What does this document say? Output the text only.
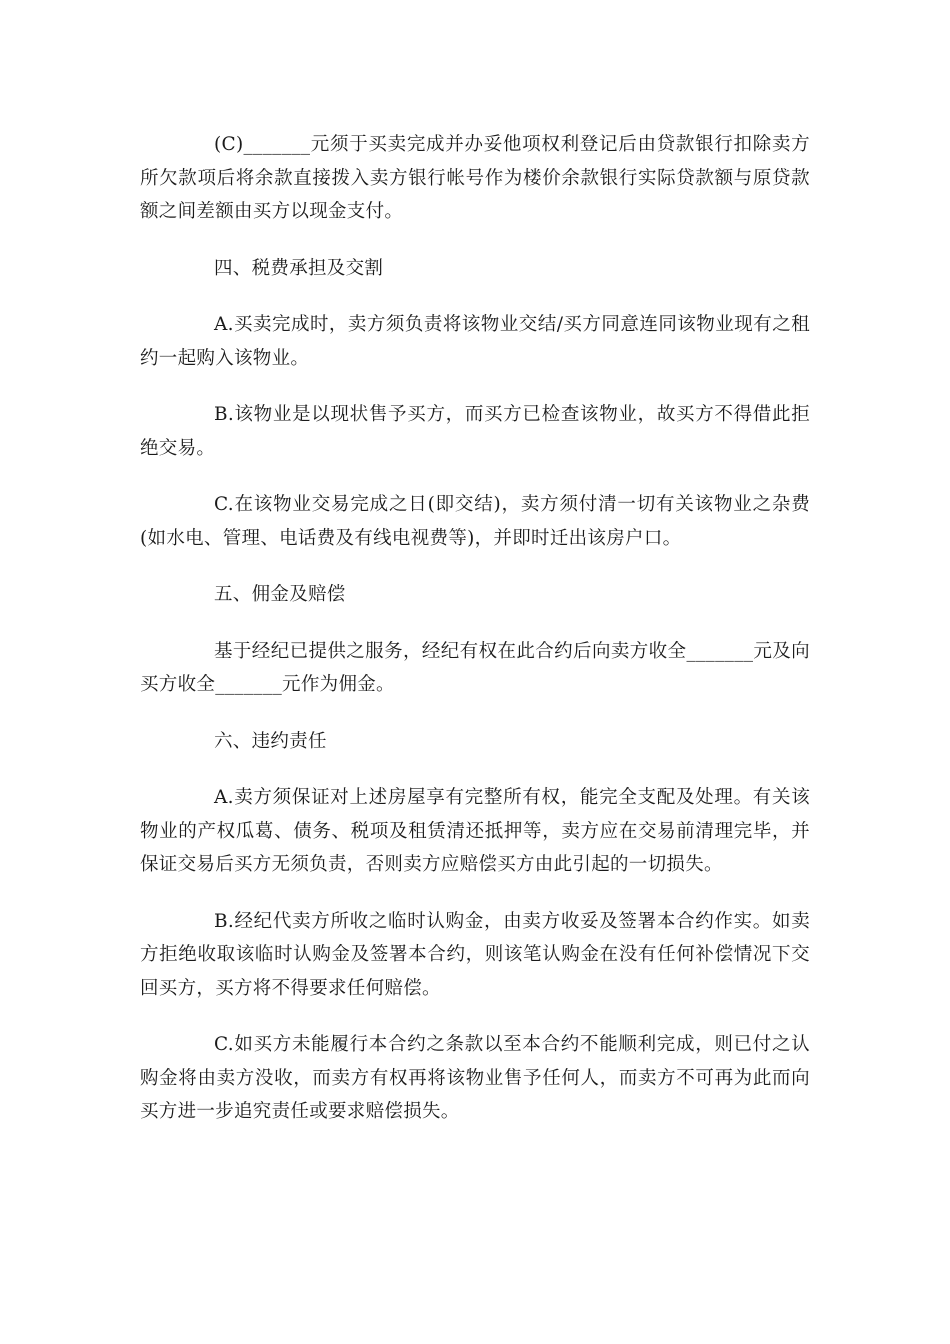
(C)_______元须于买卖完成并办妥他项权利登记后由贷款银行扣除卖方所欠款项后将余款直接拨入卖方银行帐号作为楼价余款银行实际贷款额与原贷款额之间差额由买方以现金支付。

四、税费承担及交割

A.买卖完成时，卖方须负责将该物业交结/买方同意连同该物业现有之租约一起购入该物业。

B.该物业是以现状售予买方，而买方已检查该物业，故买方不得借此拒绝交易。

C.在该物业交易完成之日(即交结)，卖方须付清一切有关该物业之杂费(如水电、管理、电话费及有线电视费等)，并即时迁出该房户口。

五、佣金及赔偿

基于经纪已提供之服务，经纪有权在此合约后向卖方收全_______元及向买方收全_______元作为佣金。

六、违约责任

A.卖方须保证对上述房屋享有完整所有权，能完全支配及处理。有关该物业的产权瓜葛、债务、税项及租赁清还抵押等，卖方应在交易前清理完毕，并保证交易后买方无须负责，否则卖方应赔偿买方由此引起的一切损失。

B.经纪代卖方所收之临时认购金，由卖方收妥及签署本合约作实。如卖方拒绝收取该临时认购金及签署本合约，则该笔认购金在没有任何补偿情况下交回买方，买方将不得要求任何赔偿。

C.如买方未能履行本合约之条款以至本合约不能顺利完成，则已付之认购金将由卖方没收，而卖方有权再将该物业售予任何人，而卖方不可再为此而向买方进一步追究责任或要求赔偿损失。
